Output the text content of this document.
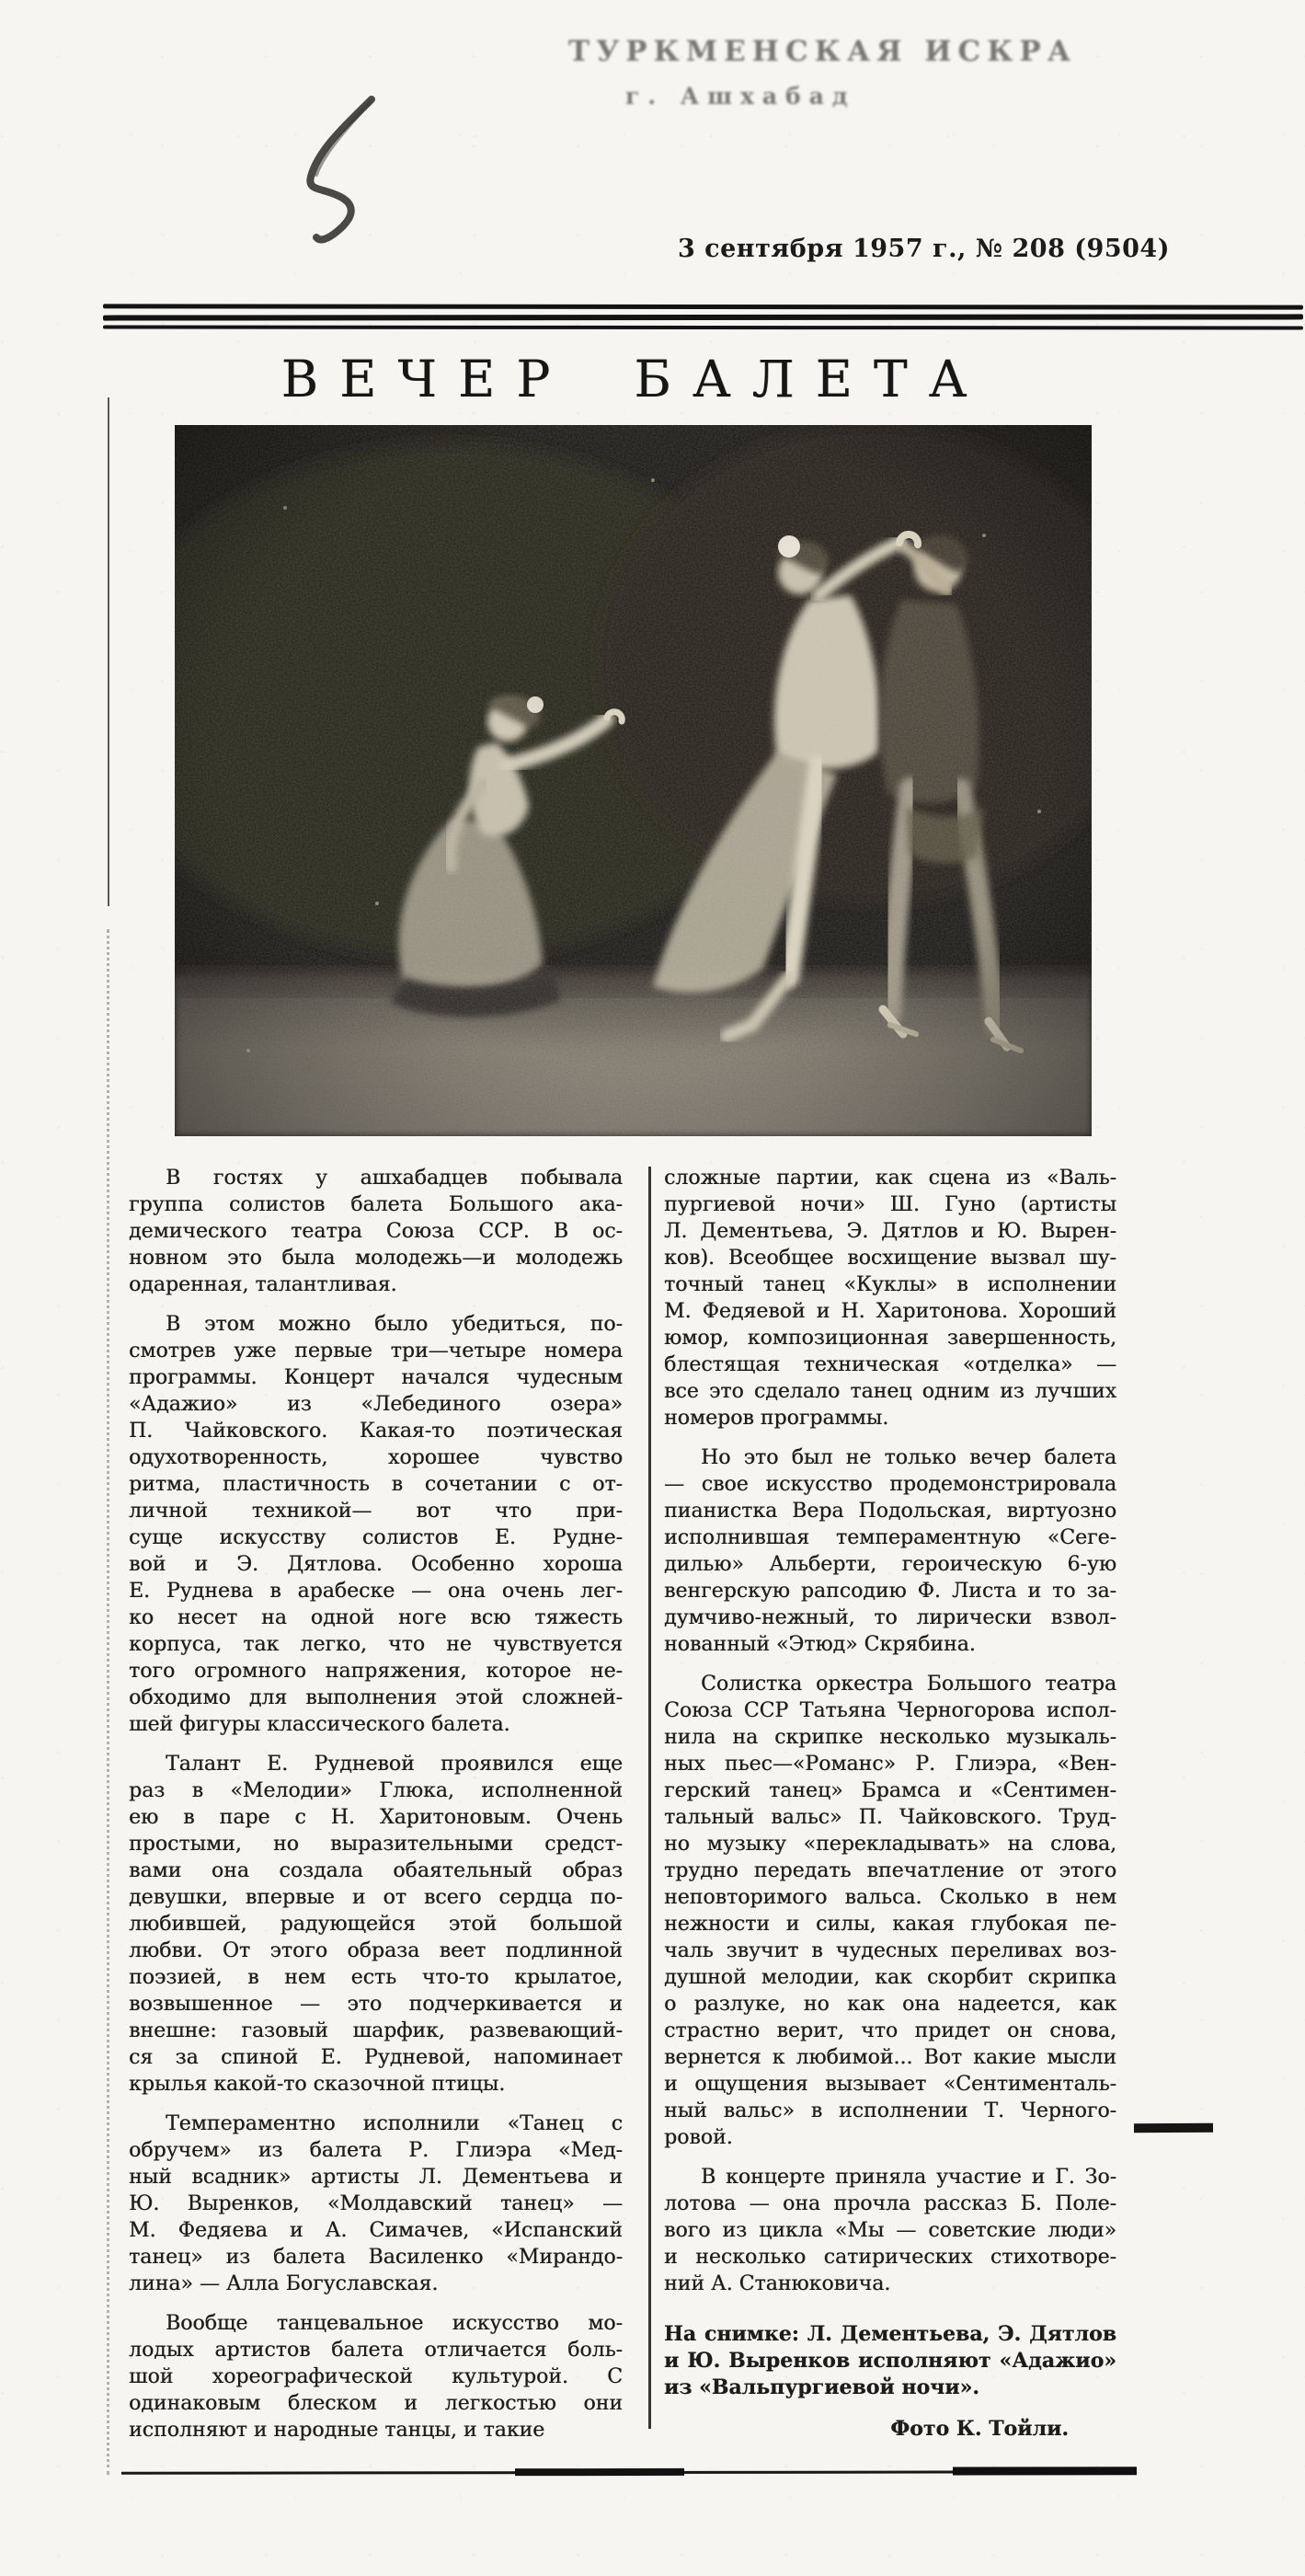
ТУРКМЕНСКАЯ ИСКРА
г. Ашхабад
3 сентября 1957 г., № 208 (9504)
ВЕЧЕР БАЛЕТА
В гостях у ашхабадцев побывала
группа солистов балета Большого ака-
демического театра Союза ССР. В ос-
новном это была молодежь—и молодежь
одаренная, талантливая.
В этом можно было убедиться, по-
смотрев уже первые три—четыре номера
программы. Концерт начался чудесным
«Адажио» из «Лебединого озера»
П. Чайковского. Какая-то поэтическая
одухотворенность, хорошее чувство
ритма, пластичность в сочетании с от-
личной техникой— вот что при-
суще искусству солистов Е. Рудне-
вой и Э. Дятлова. Особенно хороша
Е. Руднева в арабеске — она очень лег-
ко несет на одной ноге всю тяжесть
корпуса, так легко, что не чувствуется
того огромного напряжения, которое не-
обходимо для выполнения этой сложней-
шей фигуры классического балета.
Талант Е. Рудневой проявился еще
раз в «Мелодии» Глюка, исполненной
ею в паре с Н. Харитоновым. Очень
простыми, но выразительными средст-
вами она создала обаятельный образ
девушки, впервые и от всего сердца по-
любившей, радующейся этой большой
любви. От этого образа веет подлинной
поэзией, в нем есть что-то крылатое,
возвышенное — это подчеркивается и
внешне: газовый шарфик, развевающий-
ся за спиной Е. Рудневой, напоминает
крылья какой-то сказочной птицы.
Темпераментно исполнили «Танец с
обручем» из балета Р. Глиэра «Мед-
ный всадник» артисты Л. Дементьева и
Ю. Выренков, «Молдавский танец» —
М. Федяева и А. Симачев, «Испанский
танец» из балета Василенко «Мирандо-
лина» — Алла Богуславская.
Вообще танцевальное искусство мо-
лодых артистов балета отличается боль-
шой хореографической культурой. С
одинаковым блеском и легкостью они
исполняют и народные танцы, и такие
сложные партии, как сцена из «Валь-
пургиевой ночи» Ш. Гуно (артисты
Л. Дементьева, Э. Дятлов и Ю. Вырен-
ков). Всеобщее восхищение вызвал шу-
точный танец «Куклы» в исполнении
М. Федяевой и Н. Харитонова. Хороший
юмор, композиционная завершенность,
блестящая техническая «отделка» —
все это сделало танец одним из лучших
номеров программы.
Но это был не только вечер балета
— свое искусство продемонстрировала
пианистка Вера Подольская, виртуозно
исполнившая темпераментную «Сеге-
дилью» Альберти, героическую 6-ую
венгерскую рапсодию Ф. Листа и то за-
думчиво-нежный, то лирически взвол-
нованный «Этюд» Скрябина.
Солистка оркестра Большого театра
Союза ССР Татьяна Черногорова испол-
нила на скрипке несколько музыкаль-
ных пьес—«Романс» Р. Глиэра, «Вен-
герский танец» Брамса и «Сентимен-
тальный вальс» П. Чайковского. Труд-
но музыку «перекладывать» на слова,
трудно передать впечатление от этого
неповторимого вальса. Сколько в нем
нежности и силы, какая глубокая пе-
чаль звучит в чудесных переливах воз-
душной мелодии, как скорбит скрипка
о разлуке, но как она надеется, как
страстно верит, что придет он снова,
вернется к любимой... Вот какие мысли
и ощущения вызывает «Сентименталь-
ный вальс» в исполнении Т. Черного-
ровой.
В концерте приняла участие и Г. Зо-
лотова — она прочла рассказ Б. Поле-
вого из цикла «Мы — советские люди»
и несколько сатирических стихотворе-
ний А. Станюковича.
На снимке: Л. Дементьева, Э. Дятлов
и Ю. Выренков исполняют «Адажио»
из «Вальпургиевой ночи».
Фото К. Тойли.
